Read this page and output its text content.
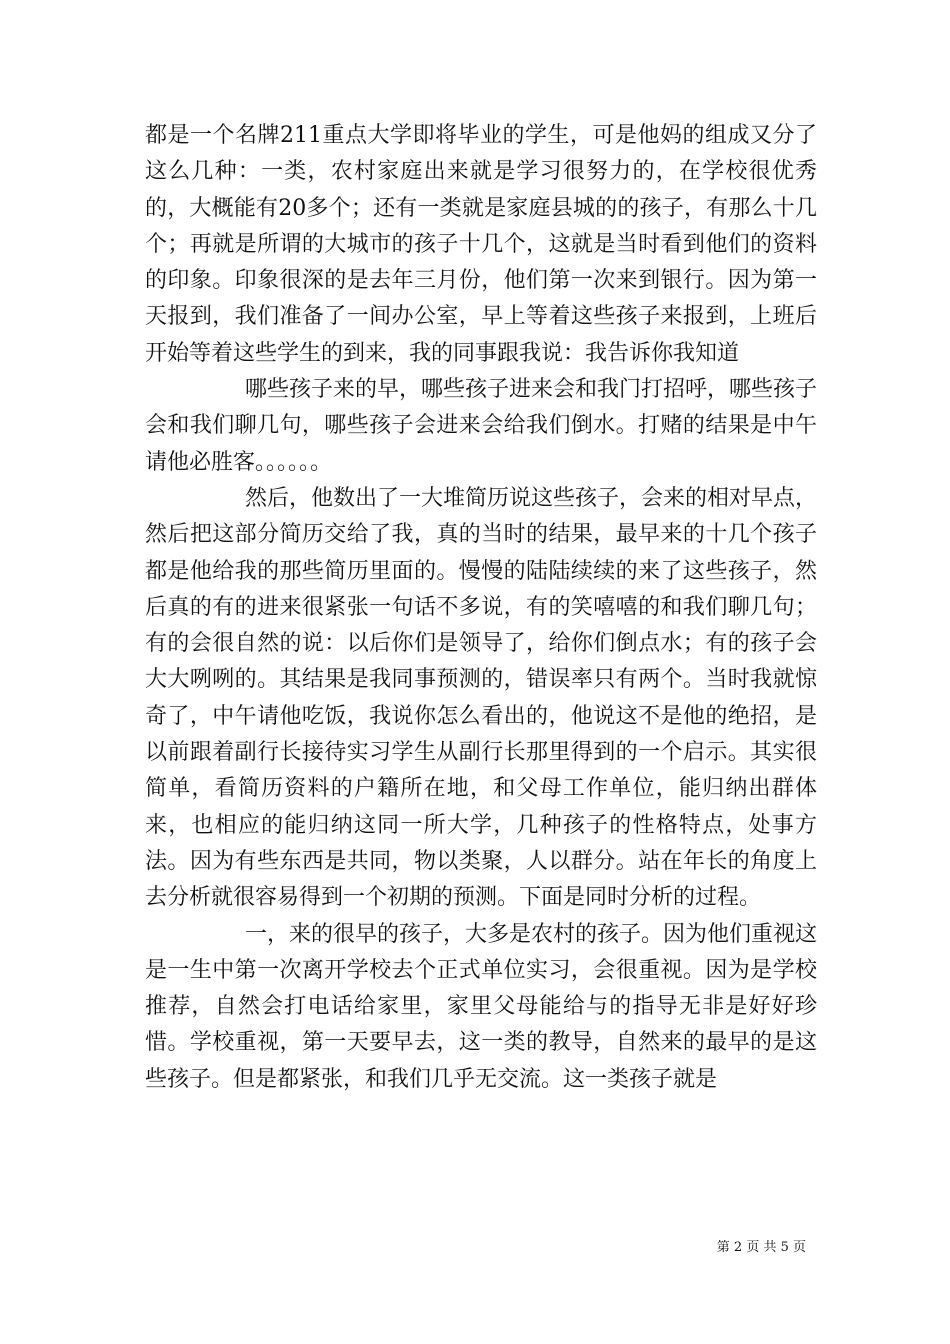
都是一个名牌211重点大学即将毕业的学生，可是他妈的组成又分了这么几种：一类，农村家庭出来就是学习很努力的，在学校很优秀的，大概能有20多个；还有一类就是家庭县城的的孩子，有那么十几个；再就是所谓的大城市的孩子十几个，这就是当时看到他们的资料的印象。印象很深的是去年三月份，他们第一次来到银行。因为第一天报到，我们准备了一间办公室，早上等着这些孩子来报到，上班后开始等着这些学生的到来，我的同事跟我说：我告诉你我知道

哪些孩子来的早，哪些孩子进来会和我门打招呼，哪些孩子会和我们聊几句，哪些孩子会进来会给我们倒水。打赌的结果是中午请他必胜客。。。。。。

然后，他数出了一大堆简历说这些孩子，会来的相对早点，然后把这部分简历交给了我，真的当时的结果，最早来的十几个孩子都是他给我的那些简历里面的。慢慢的陆陆续续的来了这些孩子，然后真的有的进来很紧张一句话不多说，有的笑嘻嘻的和我们聊几句；有的会很自然的说：以后你们是领导了，给你们倒点水；有的孩子会大大咧咧的。其结果是我同事预测的，错误率只有两个。当时我就惊奇了，中午请他吃饭，我说你怎么看出的，他说这不是他的绝招，是以前跟着副行长接待实习学生从副行长那里得到的一个启示。其实很简单，看简历资料的户籍所在地，和父母工作单位，能归纳出群体来，也相应的能归纳这同一所大学，几种孩子的性格特点，处事方法。因为有些东西是共同，物以类聚，人以群分。站在年长的角度上去分析就很容易得到一个初期的预测。下面是同时分析的过程。

一，来的很早的孩子，大多是农村的孩子。因为他们重视这是一生中第一次离开学校去个正式单位实习，会很重视。因为是学校推荐，自然会打电话给家里，家里父母能给与的指导无非是好好珍惜。学校重视，第一天要早去，这一类的教导，自然来的最早的是这些孩子。但是都紧张，和我们几乎无交流。这一类孩子就是

第 2 页 共 5 页
